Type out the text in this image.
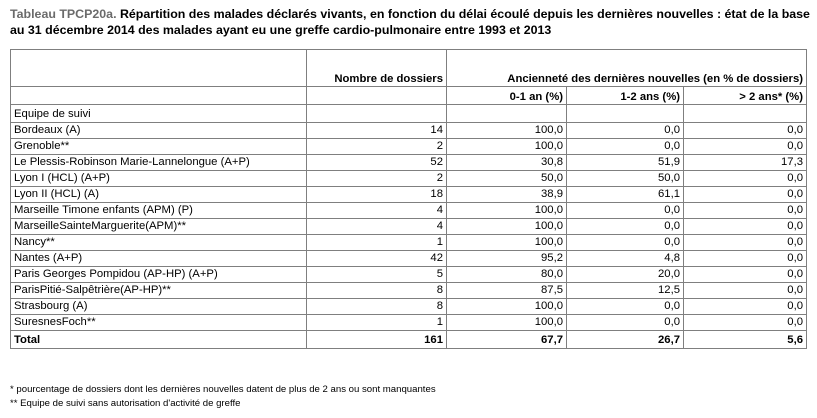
Tableau TPCP20a. Répartition des malades déclarés vivants, en fonction du délai écoulé depuis les dernières nouvelles : état de la base au 31 décembre 2014 des malades ayant eu une greffe cardio-pulmonaire entre 1993 et 2013
	Nombre de dossiers	Ancienneté des dernières nouvelles (en % de dossiers)		
		0-1 an (%)	1-2 ans (%)	> 2 ans* (%)
Equipe de suivi				
Bordeaux (A)	14	100,0	0,0	0,0
Grenoble**	2	100,0	0,0	0,0
Le Plessis-Robinson Marie-Lannelongue (A+P)	52	30,8	51,9	17,3
Lyon I (HCL) (A+P)	2	50,0	50,0	0,0
Lyon II (HCL) (A)	18	38,9	61,1	0,0
Marseille Timone enfants (APM) (P)	4	100,0	0,0	0,0
MarseilleSainteMarguerite(APM)**	4	100,0	0,0	0,0
Nancy**	1	100,0	0,0	0,0
Nantes (A+P)	42	95,2	4,8	0,0
Paris Georges Pompidou (AP-HP) (A+P)	5	80,0	20,0	0,0
ParisPitié-Salpêtrière(AP-HP)**	8	87,5	12,5	0,0
Strasbourg (A)	8	100,0	0,0	0,0
SuresnesFoch**	1	100,0	0,0	0,0
Total	161	67,7	26,7	5,6
* pourcentage de dossiers dont les dernières nouvelles datent de plus de 2 ans ou sont manquantes
** Equipe de suivi sans autorisation d'activité de greffe
